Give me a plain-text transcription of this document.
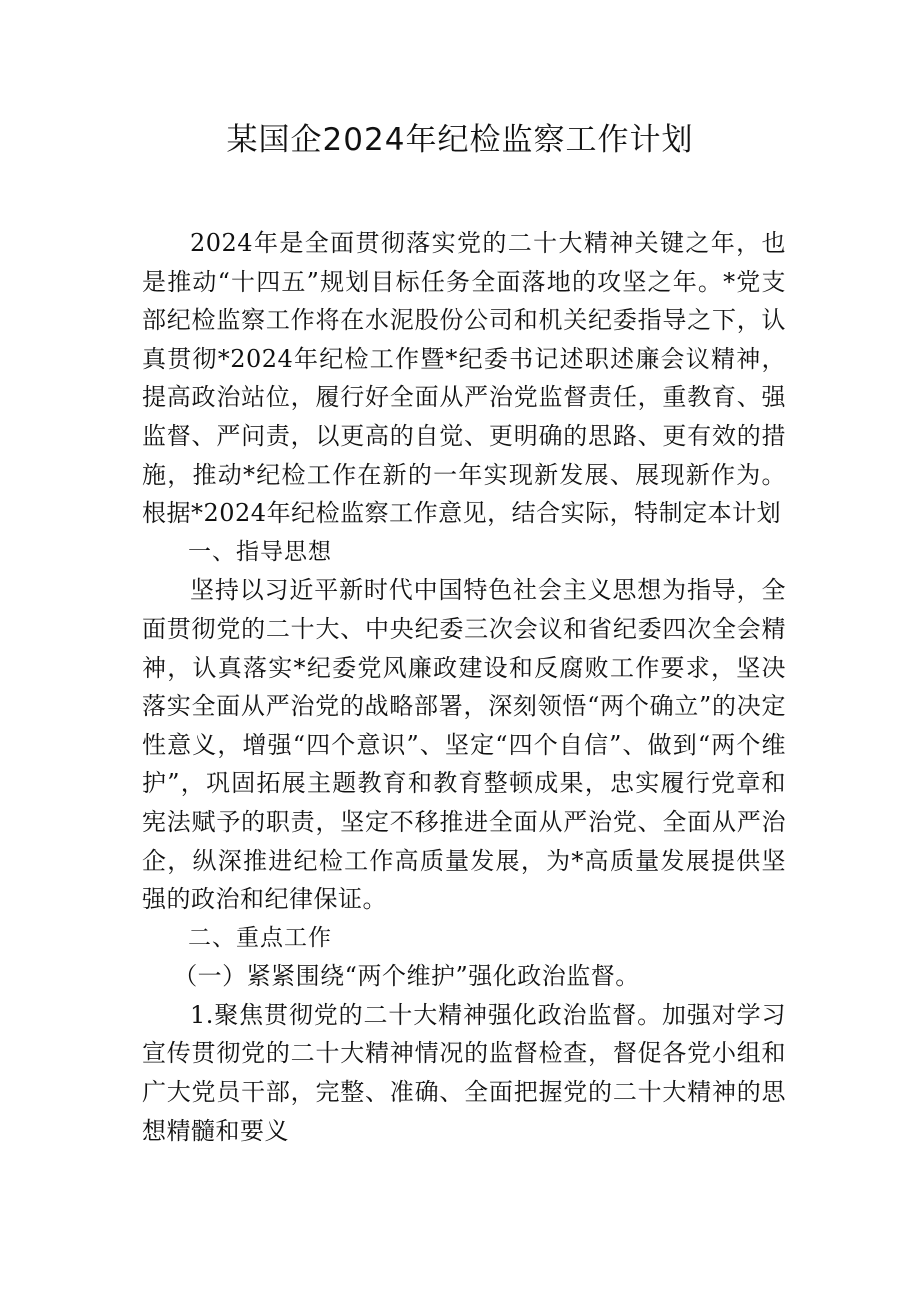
某国企2024年纪检监察工作计划

2024年是全面贯彻落实党的二十大精神关键之年，也是推动“十四五”规划目标任务全面落地的攻坚之年。*党支部纪检监察工作将在水泥股份公司和机关纪委指导之下，认真贯彻*2024年纪检工作暨*纪委书记述职述廉会议精神，提高政治站位，履行好全面从严治党监督责任，重教育、强监督、严问责，以更高的自觉、更明确的思路、更有效的措施，推动*纪检工作在新的一年实现新发展、展现新作为。根据*2024年纪检监察工作意见，结合实际，特制定本计划

一、指导思想

坚持以习近平新时代中国特色社会主义思想为指导，全面贯彻党的二十大、中央纪委三次会议和省纪委四次全会精神，认真落实*纪委党风廉政建设和反腐败工作要求，坚决落实全面从严治党的战略部署，深刻领悟“两个确立”的决定性意义，增强“四个意识”、坚定“四个自信”、做到“两个维护”，巩固拓展主题教育和教育整顿成果，忠实履行党章和宪法赋予的职责，坚定不移推进全面从严治党、全面从严治企，纵深推进纪检工作高质量发展，为*高质量发展提供坚强的政治和纪律保证。

二、重点工作

（一）紧紧围绕“两个维护”强化政治监督。

1.聚焦贯彻党的二十大精神强化政治监督。加强对学习宣传贯彻党的二十大精神情况的监督检查，督促各党小组和广大党员干部，完整、准确、全面把握党的二十大精神的思想精髓和要义
